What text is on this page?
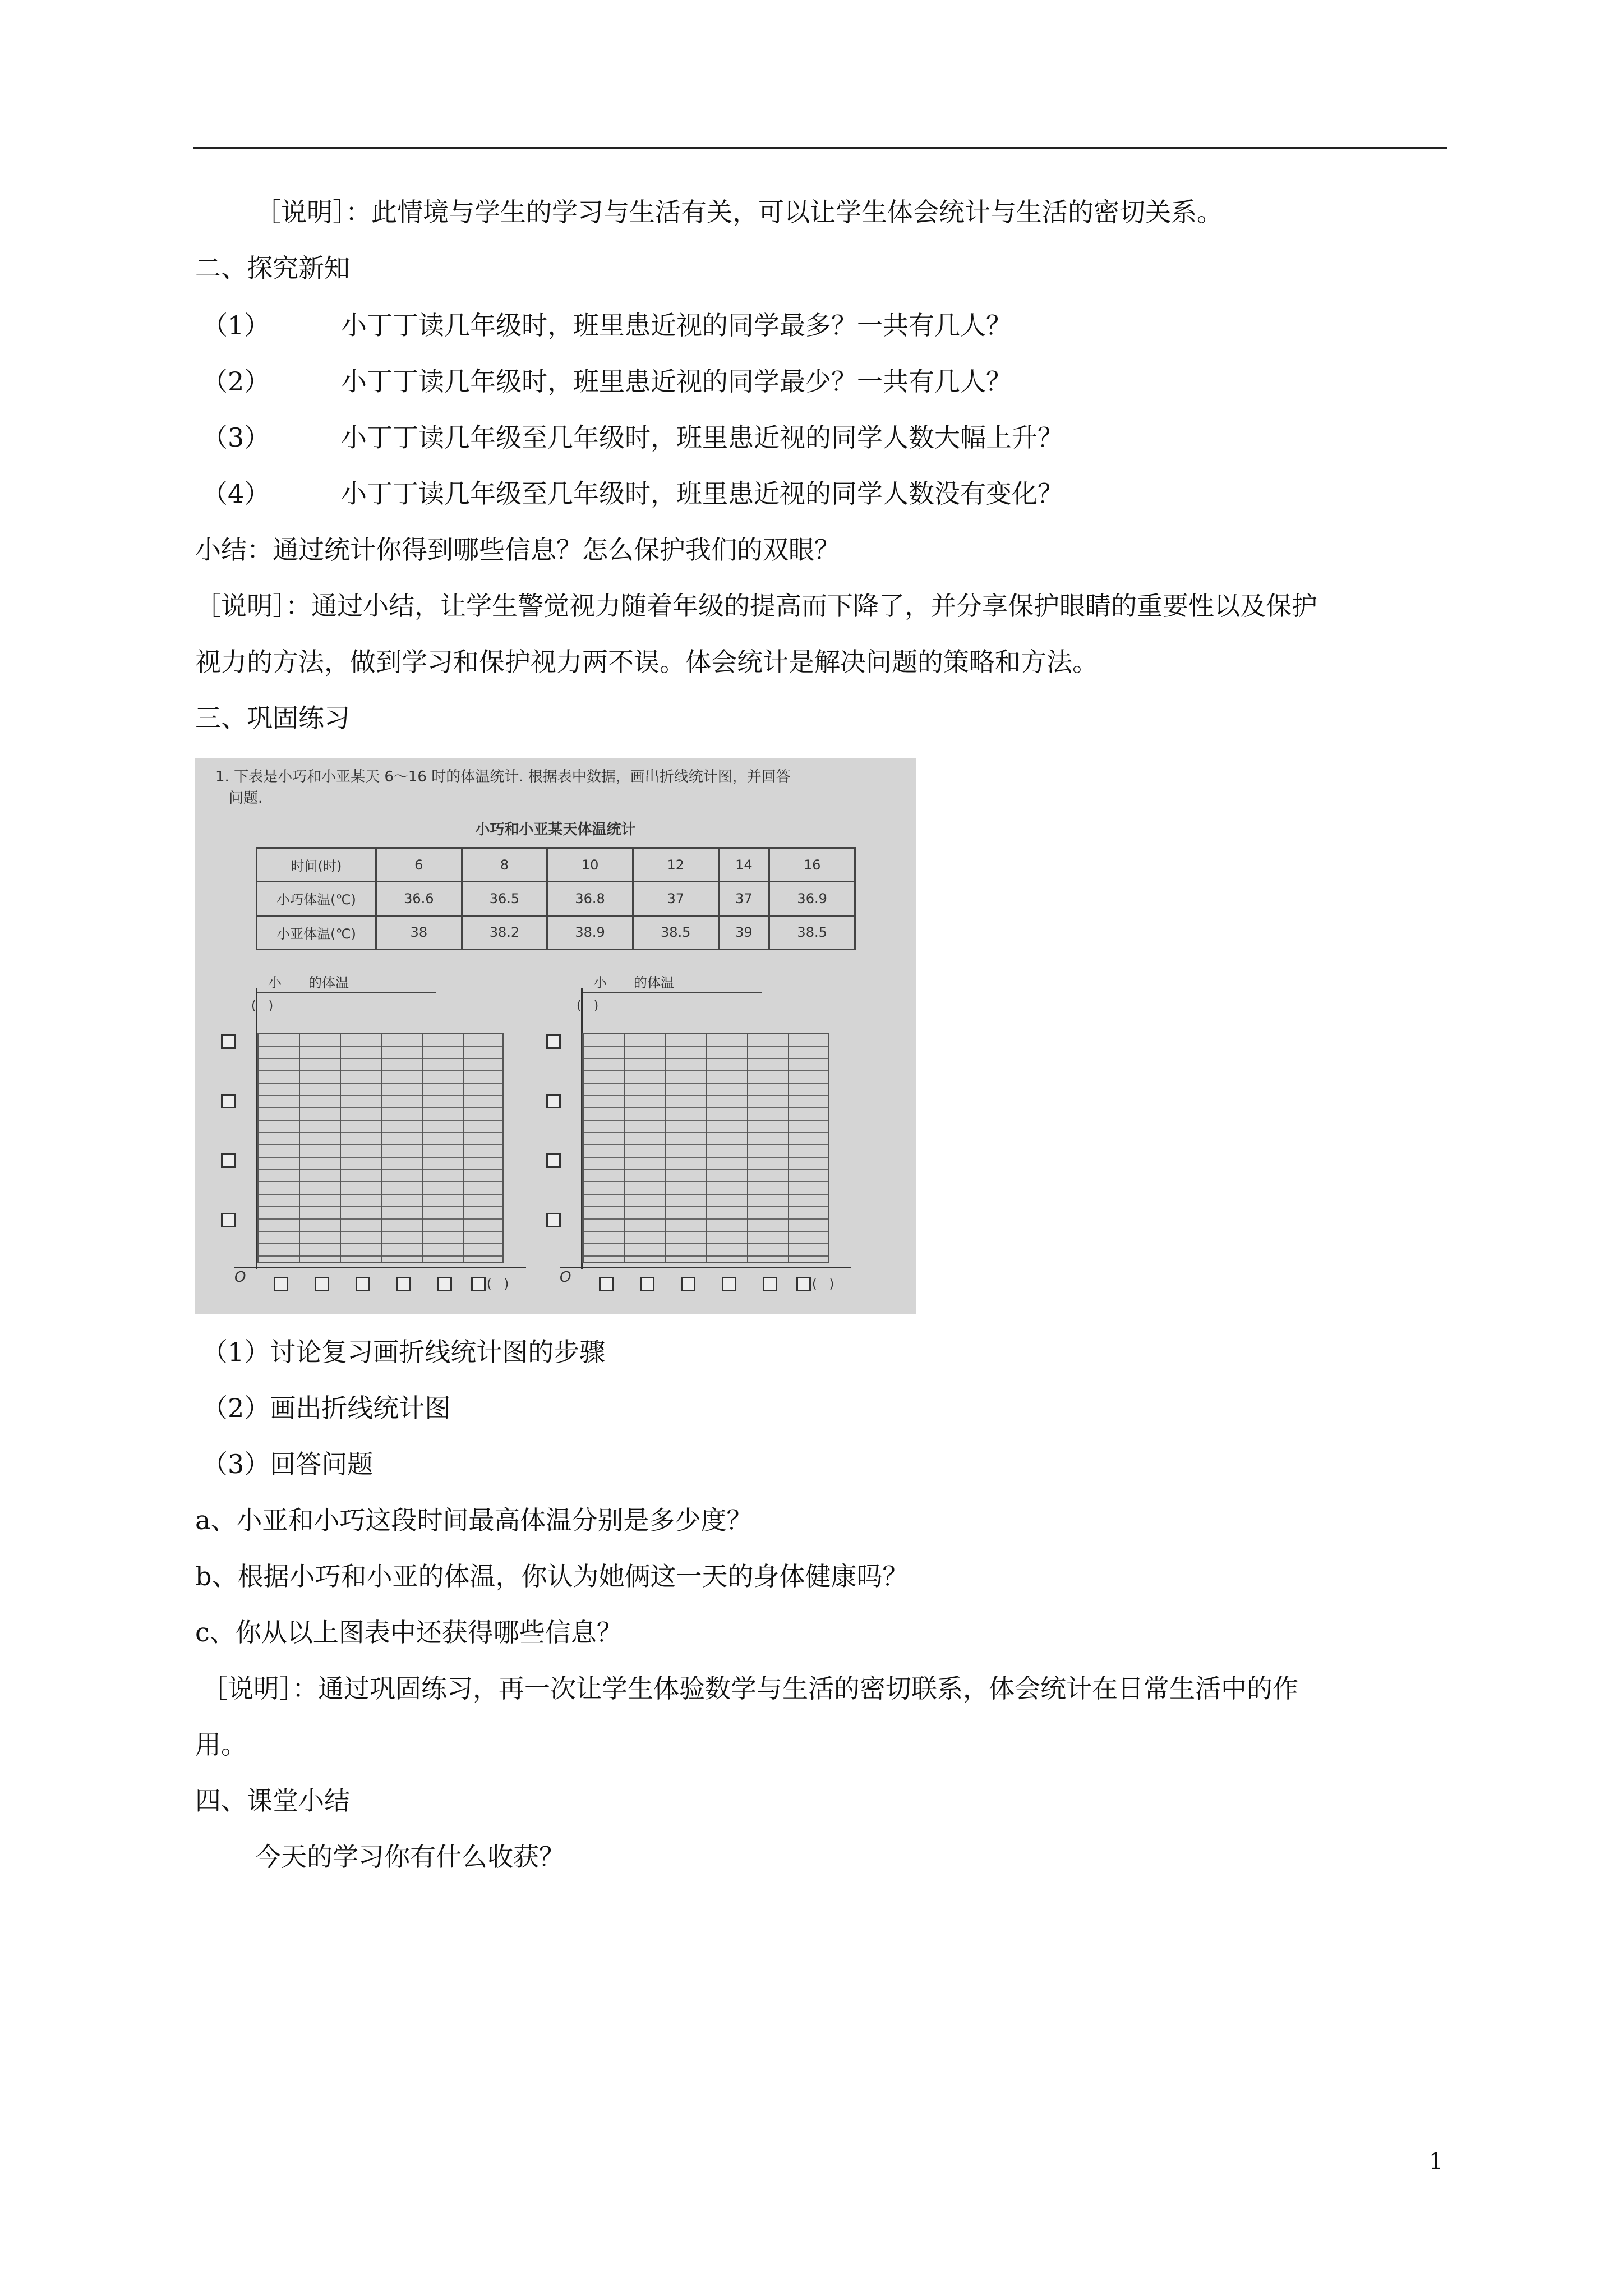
［说明］：此情境与学生的学习与生活有关，可以让学生体会统计与生活的密切关系。
二、探究新知
（1）	小丁丁读几年级时，班里患近视的同学最多？一共有几人？
（2）	小丁丁读几年级时，班里患近视的同学最少？一共有几人？
（3）	小丁丁读几年级至几年级时，班里患近视的同学人数大幅上升？
（4）	小丁丁读几年级至几年级时，班里患近视的同学人数没有变化？
小结：通过统计你得到哪些信息？怎么保护我们的双眼？
［说明］：通过小结，让学生警觉视力随着年级的提高而下降了，并分享保护眼睛的重要性以及保护
视力的方法，做到学习和保护视力两不误。体会统计是解决问题的策略和方法。
三、巩固练习
1. 下表是小巧和小亚某天 6～16 时的体温统计. 根据表中数据，画出折线统计图，并回答
问题.
小巧和小亚某天体温统计
时间(时)	6	8	10	12	14	16
小巧体温(℃)	36.6	36.5	36.8	37	37	36.9
小亚体温(℃)	38	38.2	38.9	38.5	39	38.5
小　　的体温
(　)
O	(　)
小　　的体温
(　)
O	(　)
（1）讨论复习画折线统计图的步骤
（2）画出折线统计图
（3）回答问题
a、小亚和小巧这段时间最高体温分别是多少度？
b、根据小巧和小亚的体温，你认为她俩这一天的身体健康吗？
c、你从以上图表中还获得哪些信息？
［说明］：通过巩固练习，再一次让学生体验数学与生活的密切联系，体会统计在日常生活中的作
用。
四、课堂小结
今天的学习你有什么收获？
1
